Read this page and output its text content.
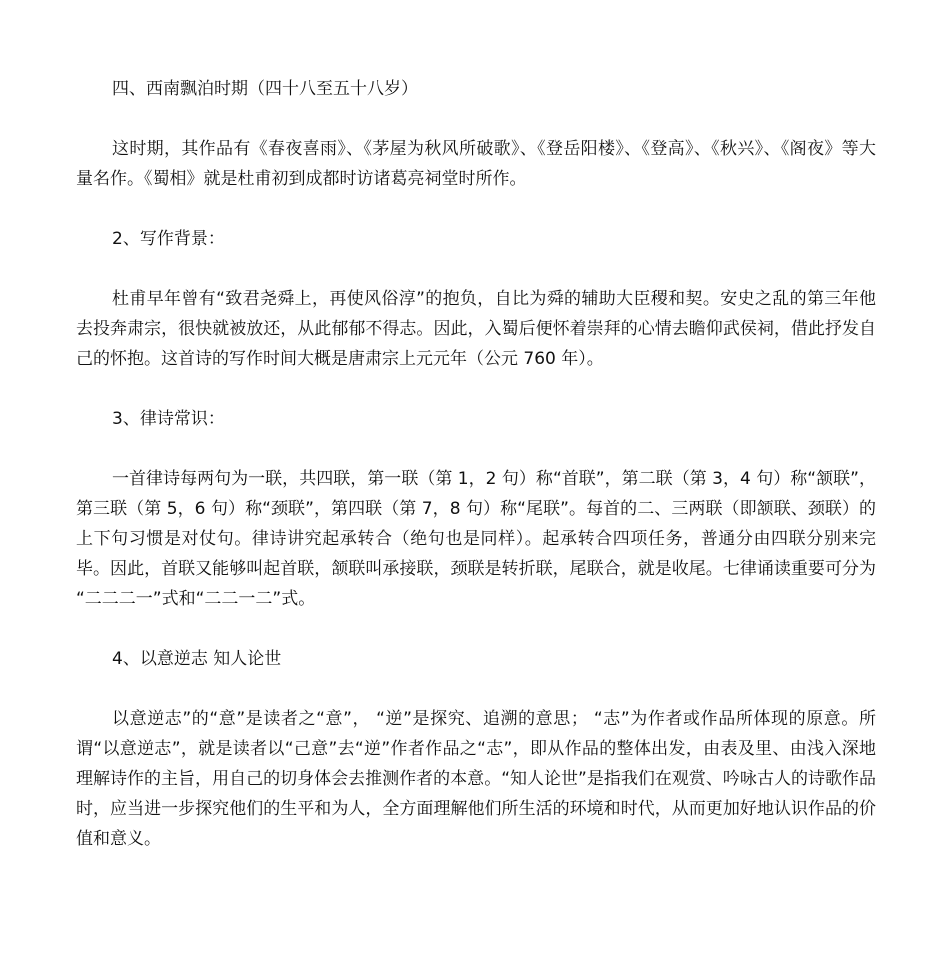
四、西南飘泊时期（四十八至五十八岁）

这时期，其作品有《春夜喜雨》、《茅屋为秋风所破歌》、《登岳阳楼》、《登高》、《秋兴》、《阁夜》等大量名作。《蜀相》就是杜甫初到成都时访诸葛亮祠堂时所作。

2、写作背景：

杜甫早年曾有“致君尧舜上，再使风俗淳”的抱负，自比为舜的辅助大臣稷和契。安史之乱的第三年他去投奔肃宗，很快就被放还，从此郁郁不得志。因此，入蜀后便怀着崇拜的心情去瞻仰武侯祠，借此抒发自己的怀抱。这首诗的写作时间大概是唐肃宗上元元年（公元 760 年）。

3、律诗常识：

一首律诗每两句为一联，共四联，第一联（第 1，2 句）称“首联”，第二联（第 3，4 句）称“颔联”，第三联（第 5，6 句）称“颈联”，第四联（第 7，8 句）称“尾联”。每首的二、三两联（即颔联、颈联）的上下句习惯是对仗句。律诗讲究起承转合（绝句也是同样）。起承转合四项任务，普通分由四联分别来完毕。因此，首联又能够叫起首联，颔联叫承接联，颈联是转折联，尾联合，就是收尾。七律诵读重要可分为 “二二二一”式和“二二一二”式。

4、以意逆志 知人论世

以意逆志”的“意”是读者之“意”， “逆”是探究、追溯的意思； “志”为作者或作品所体现的原意。所谓“以意逆志”，就是读者以“己意”去“逆”作者作品之“志”，即从作品的整体出发，由表及里、由浅入深地理解诗作的主旨，用自己的切身体会去推测作者的本意。“知人论世”是指我们在观赏、吟咏古人的诗歌作品时，应当进一步探究他们的生平和为人，全方面理解他们所生活的环境和时代，从而更加好地认识作品的价值和意义。
